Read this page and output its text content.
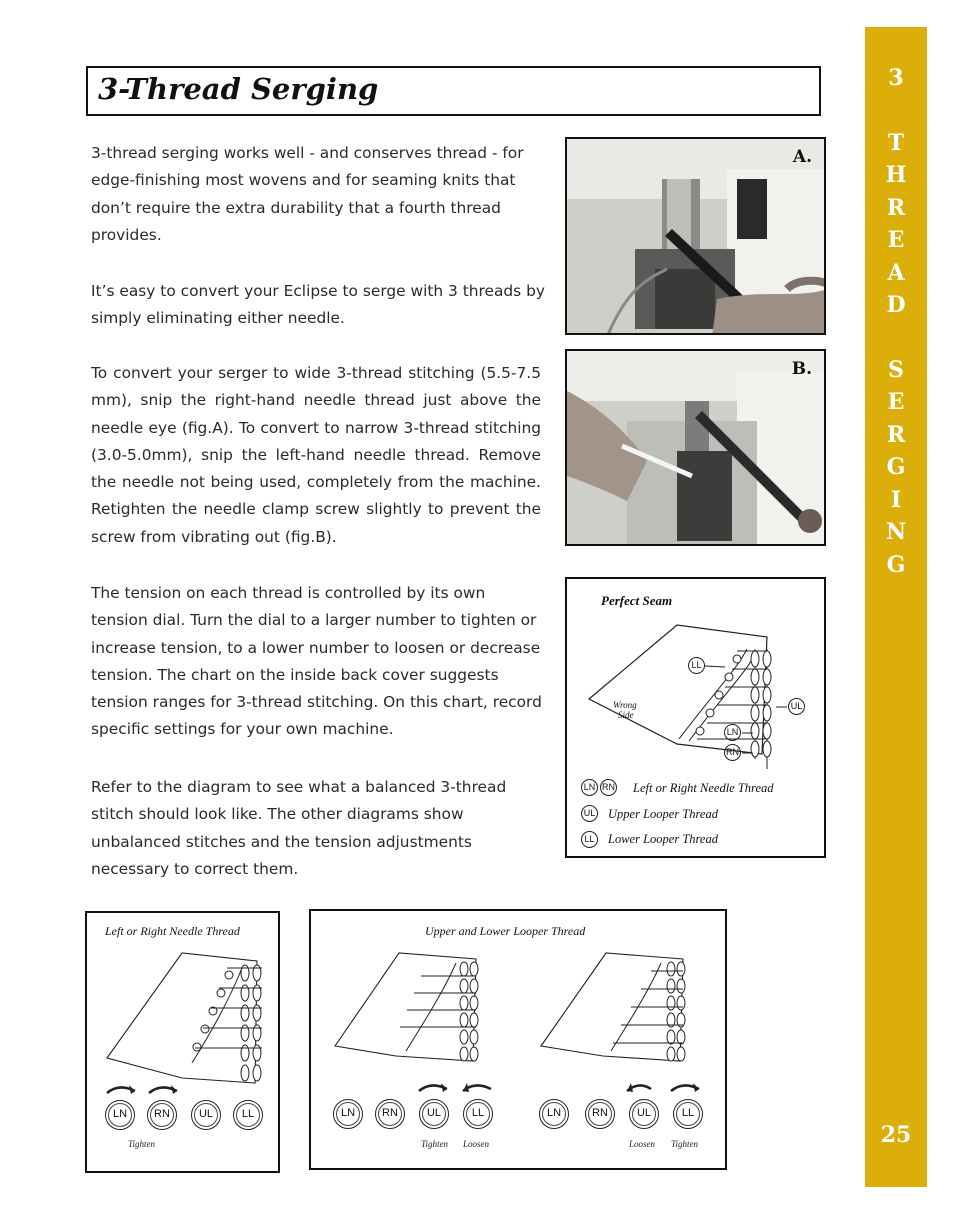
3-Thread Serging	3
T
H
R
E
A
D
S
E
R
G
I
N
G
25

3-thread serging works well - and conserves thread - for edge-finishing most wovens and for seaming knits that don’t require the extra durability that a fourth thread provides.

It’s easy to convert your Eclipse to serge with 3 threads by simply eliminating either needle.

To convert your serger to wide 3-thread stitching (5.5-7.5 mm), snip the right-hand needle thread just above the needle eye (fig.A). To convert to narrow 3-thread stitching (3.0-5.0mm), snip the left-hand needle thread. Remove the needle not being used, completely from the machine. Retighten the needle clamp screw slightly to prevent the screw from vibrating out (fig.B).

The tension on each thread is controlled by its own tension dial. Turn the dial to a larger number to tighten or increase tension, to a lower number to loosen or decrease tension. The chart on the inside back cover suggests tension ranges for 3-thread stitching. On this chart, record specific settings for your own machine.

Refer to the diagram to see what a balanced 3-thread stitch should look like. The other diagrams show unbalanced stitches and the tension adjustments necessary to correct them.

A.
B.
Perfect Seam
Wrong
Side
LL
UL
LN
RN
LN RN Left or Right Needle Thread
UL Upper Looper Thread
LL Lower Looper Thread
Left or Right Needle Thread
LN	RN	UL	LL
Tighten
Upper and Lower Looper Thread
LN	RN	UL	LL
Tighten Loosen
LN	RN	UL	LL
Loosen Tighten
